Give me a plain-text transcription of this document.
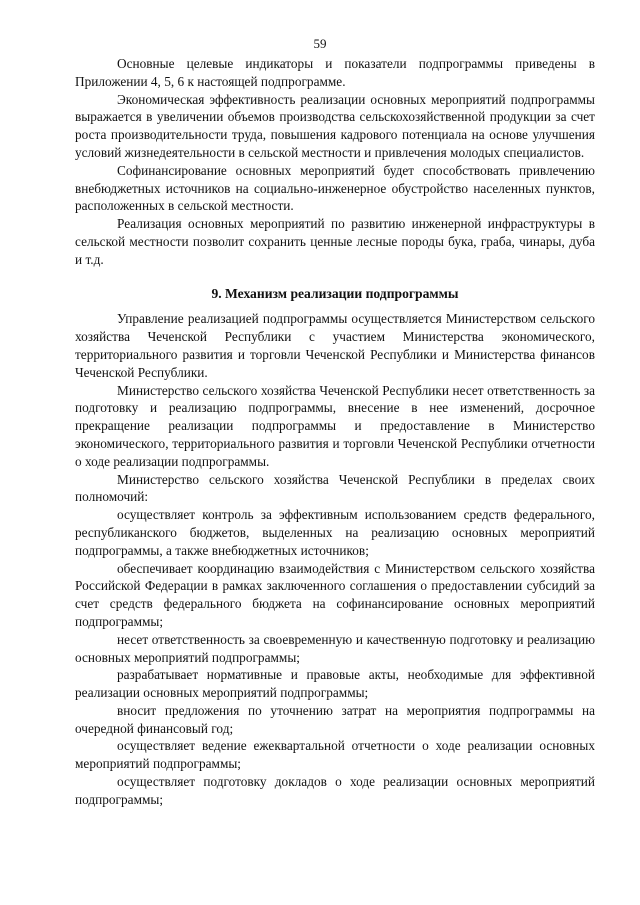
59

Основные целевые индикаторы и показатели подпрограммы приведены в Приложении 4, 5, 6 к настоящей подпрограмме.

Экономическая эффективность реализации основных мероприятий подпрограммы выражается в увеличении объемов производства сельскохозяйственной продукции за счет роста производительности труда, повышения кадрового потенциала на основе улучшения условий жизнедеятельности в сельской местности и привлечения молодых специалистов.

Софинансирование основных мероприятий будет способствовать привлечению внебюджетных источников на социально-инженерное обустройство населенных пунктов, расположенных в сельской местности.

Реализация основных мероприятий по развитию инженерной инфраструктуры в сельской местности позволит сохранить ценные лесные породы бука, граба, чинары, дуба и т.д.

9. Механизм реализации подпрограммы

Управление реализацией подпрограммы осуществляется Министерством сельского хозяйства Чеченской Республики с участием Министерства экономического, территориального развития и торговли Чеченской Республики и Министерства финансов Чеченской Республики.

Министерство сельского хозяйства Чеченской Республики несет ответственность за подготовку и реализацию подпрограммы, внесение в нее изменений, досрочное прекращение реализации подпрограммы и предоставление в Министерство экономического, территориального развития и торговли Чеченской Республики отчетности о ходе реализации подпрограммы.

Министерство сельского хозяйства Чеченской Республики в пределах своих полномочий:

осуществляет контроль за эффективным использованием средств федерального, республиканского бюджетов, выделенных на реализацию основных мероприятий подпрограммы, а также внебюджетных источников;

обеспечивает координацию взаимодействия с Министерством сельского хозяйства Российской Федерации в рамках заключенного соглашения о предоставлении субсидий за счет средств федерального бюджета на софинансирование основных мероприятий подпрограммы;

несет ответственность за своевременную и качественную подготовку и реализацию основных мероприятий подпрограммы;

разрабатывает нормативные и правовые акты, необходимые для эффективной реализации основных мероприятий подпрограммы;

вносит предложения по уточнению затрат на мероприятия подпрограммы на очередной финансовый год;

осуществляет ведение ежеквартальной отчетности о ходе реализации основных мероприятий подпрограммы;

осуществляет подготовку докладов о ходе реализации основных мероприятий подпрограммы;
